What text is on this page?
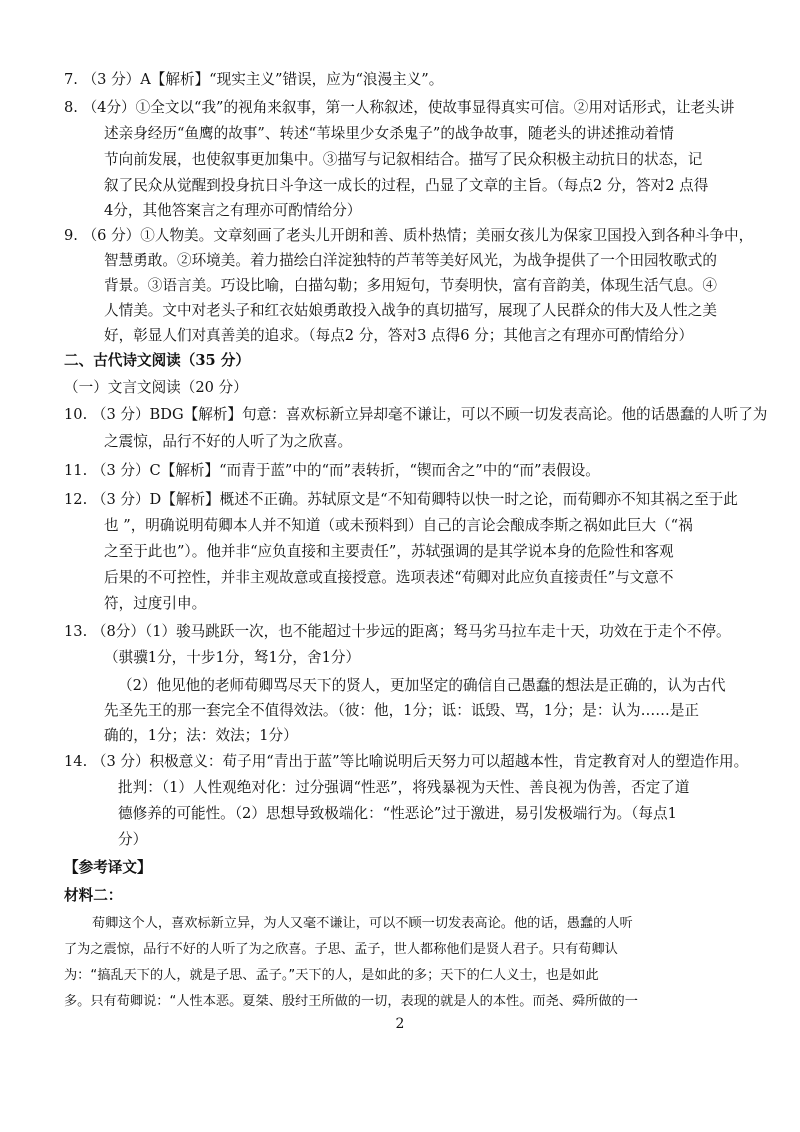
7. （3 分）A【解析】“现实主义”错误，应为“浪漫主义”。
8. （4分）①全文以“我”的视角来叙事，第一人称叙述，使故事显得真实可信。②用对话形式，让老头讲
述亲身经历“鱼鹰的故事”、转述“苇垛里少女杀鬼子”的战争故事，随老头的讲述推动着情
节向前发展，也使叙事更加集中。③描写与记叙相结合。描写了民众积极主动抗日的状态，记
叙了民众从觉醒到投身抗日斗争这一成长的过程，凸显了文章的主旨。（每点2 分，答对2 点得
4分，其他答案言之有理亦可酌情给分）
9. （6 分）①人物美。文章刻画了老头儿开朗和善、质朴热情；美丽女孩儿为保家卫国投入到各种斗争中，
智慧勇敢。②环境美。着力描绘白洋淀独特的芦苇等美好风光，为战争提供了一个田园牧歌式的
背景。③语言美。巧设比喻，白描勾勒；多用短句，节奏明快，富有音韵美，体现生活气息。④
人情美。文中对老头子和红衣姑娘勇敢投入战争的真切描写，展现了人民群众的伟大及人性之美
好，彰显人们对真善美的追求。（每点2 分，答对3 点得6 分；其他言之有理亦可酌情给分）
二、古代诗文阅读（35 分）
（一）文言文阅读（20 分）
10. （3 分）BDG【解析】句意：喜欢标新立异却毫不谦让，可以不顾一切发表高论。他的话愚蠢的人听了为
之震惊，品行不好的人听了为之欣喜。
11. （3 分）C【解析】“而青于蓝”中的“而”表转折，“锲而舍之”中的“而”表假设。
12. （3 分）D【解析】概述不正确。苏轼原文是“不知荀卿特以快一时之论，而荀卿亦不知其祸之至于此
也 ”，明确说明荀卿本人并不知道（或未预料到）自己的言论会酿成李斯之祸如此巨大（“祸
之至于此也”）。他并非“应负直接和主要责任”，苏轼强调的是其学说本身的危险性和客观
后果的不可控性，并非主观故意或直接授意。选项表述“荀卿对此应负直接责任”与文意不
符，过度引申。
13. （8分）（1）骏马跳跃一次，也不能超过十步远的距离；驽马劣马拉车走十天，功效在于走个不停。
（骐骥1分，十步1分，驽1分，舍1分）
（2）他见他的老师荀卿骂尽天下的贤人，更加坚定的确信自己愚蠢的想法是正确的，认为古代
先圣先王的那一套完全不值得效法。（彼：他，1分；诋：诋毁、骂，1分；是：认为……是正
确的，1分；法：效法；1分）
14. （3 分）积极意义：荀子用“青出于蓝”等比喻说明后天努力可以超越本性，肯定教育对人的塑造作用。
批判：（1）人性观绝对化：过分强调“性恶”，将残暴视为天性、善良视为伪善，否定了道
德修养的可能性。（2）思想导致极端化：“性恶论”过于激进，易引发极端行为。（每点1
分）
【参考译文】
材料二：
荀卿这个人，喜欢标新立异，为人又毫不谦让，可以不顾一切发表高论。他的话，愚蠢的人听
了为之震惊，品行不好的人听了为之欣喜。子思、孟子，世人都称他们是贤人君子。只有荀卿认
为：“搞乱天下的人，就是子思、孟子。”天下的人，是如此的多；天下的仁人义士，也是如此
多。只有荀卿说：“人性本恶。夏桀、殷纣王所做的一切，表现的就是人的本性。而尧、舜所做的一
2
